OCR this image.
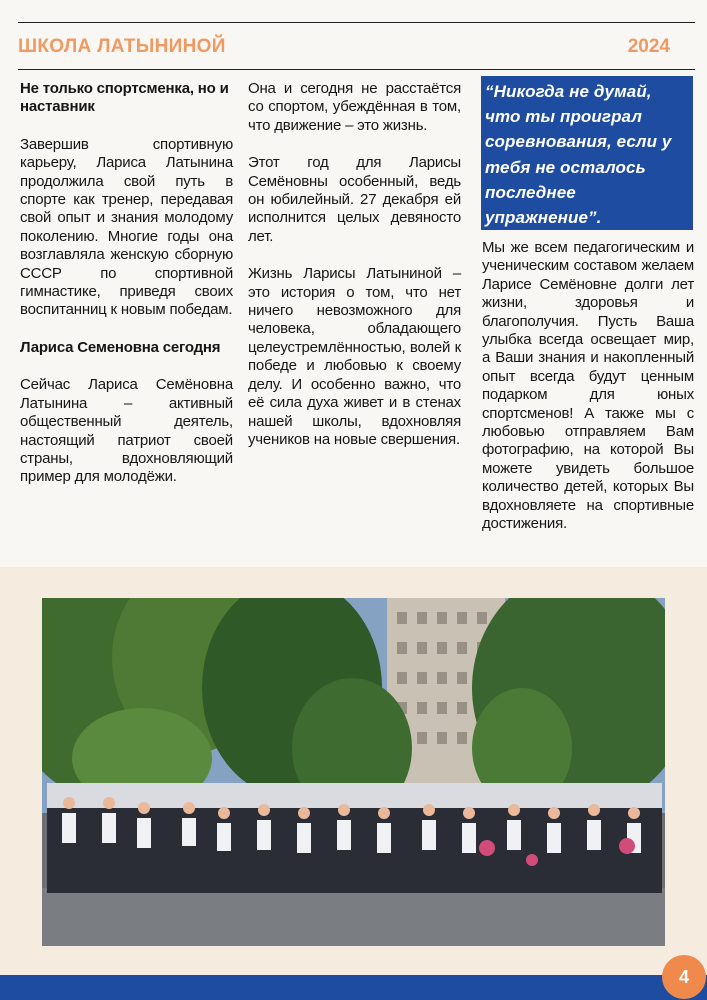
ШКОЛА ЛАТЫНИНОЙ	2024

Не только спортсменка, но и наставник

Завершив спортивную карьеру, Лариса Латынина продолжила свой путь в спорте как тренер, передавая свой опыт и знания молодому поколению. Многие годы она возглавляла женскую сборную СССР по спортивной гимнастике, приведя своих воспитанниц к новым победам.

Лариса Семеновна сегодня

Сейчас Лариса Семёновна Латынина – активный общественный деятель, настоящий патриот своей страны, вдохновляющий пример для молодёжи.

Она и сегодня не расстаётся со спортом, убеждённая в том, что движение – это жизнь.

Этот год для Ларисы Семёновны особенный, ведь он юбилейный. 27 декабря ей исполнится целых девяносто лет.

Жизнь Ларисы Латыниной – это история о том, что нет ничего невозможного для человека, обладающего целеустремлённостью, волей к победе и любовью к своему делу. И особенно важно, что её сила духа живет и в стенах нашей школы, вдохновляя учеников на новые свершения.

“Никогда не думай, что ты проиграл соревнования, если у тебя не осталось последнее упражнение”.

Мы же всем педагогическим и ученическим составом желаем Ларисе Семёновне долги лет жизни, здоровья и благополучия. Пусть Ваша улыбка всегда освещает мир, а Ваши знания и накопленный опыт всегда будут ценным подарком для юных спортсменов! А также мы с любовью отправляем Вам фотографию, на которой Вы можете увидеть большое количество детей, которых Вы вдохновляете на спортивные достижения.

4
